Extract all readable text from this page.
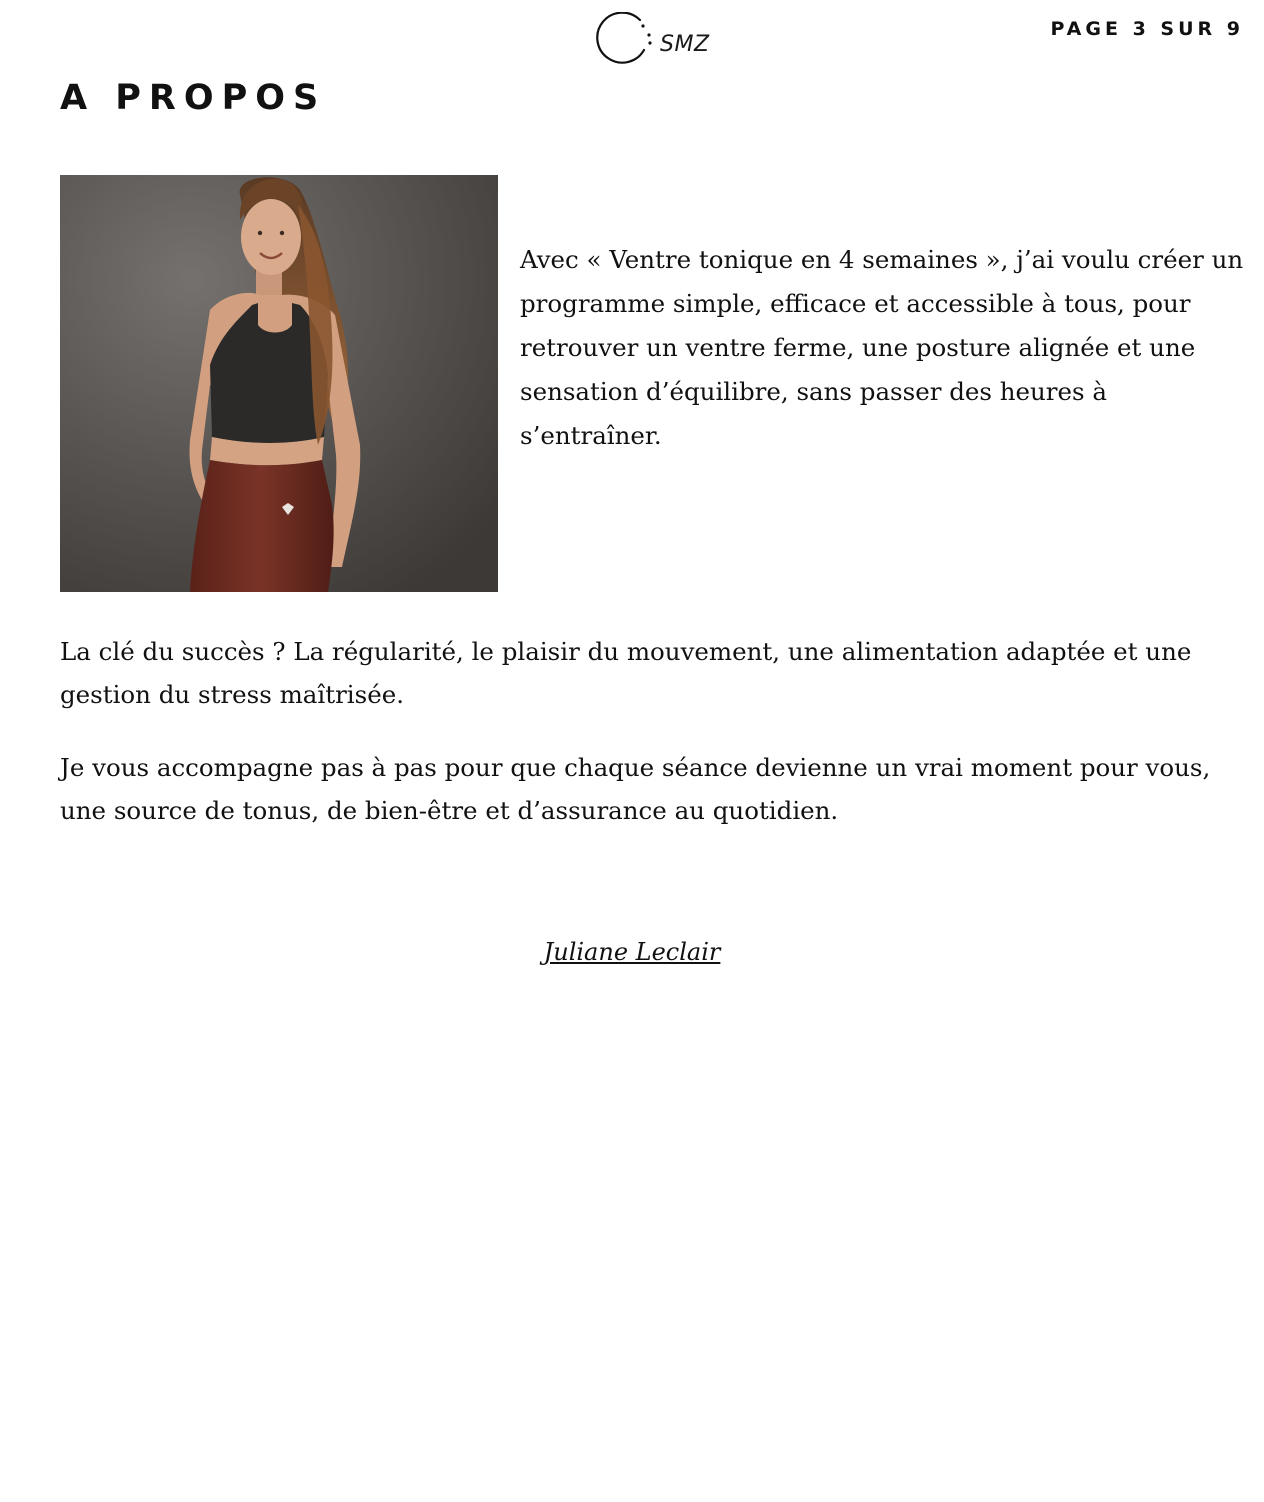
SMZ
PAGE 3 SUR 9
A PROPOS

Avec « Ventre tonique en 4 semaines », j’ai voulu créer un programme simple, efficace et accessible à tous, pour retrouver un ventre ferme, une posture alignée et une sensation d’équilibre, sans passer des heures à s’entraîner.

La clé du succès ? La régularité, le plaisir du mouvement, une alimentation adaptée et une gestion du stress maîtrisée.

Je vous accompagne pas à pas pour que chaque séance devienne un vrai moment pour vous, une source de tonus, de bien-être et d’assurance au quotidien.

Juliane Leclair
